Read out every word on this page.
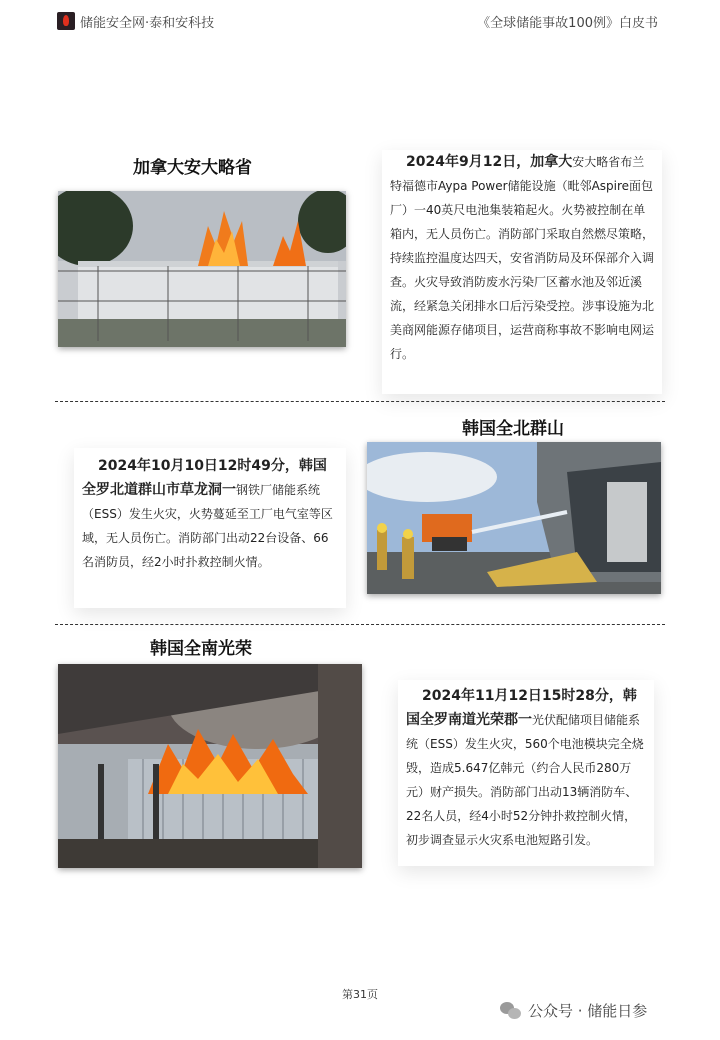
储能安全网·泰和安科技	《全球储能事故100例》白皮书
加拿大安大略省	2024年9月12日，加拿大安大略省布兰特福德市Aypa Power储能设施（毗邻Aspire面包厂）一40英尺电池集装箱起火。火势被控制在单箱内，无人员伤亡。消防部门采取自然燃尽策略，持续监控温度达四天，安省消防局及环保部介入调查。火灾导致消防废水污染厂区蓄水池及邻近溪流，经紧急关闭排水口后污染受控。涉事设施为北美商网能源存储项目，运营商称事故不影响电网运行。
韩国全北群山
2024年10月10日12时49分，韩国全罗北道群山市草龙洞一钢铁厂储能系统（ESS）发生火灾，火势蔓延至工厂电气室等区域，无人员伤亡。消防部门出动22台设备、66名消防员，经2小时扑救控制火情。
韩国全南光荣
2024年11月12日15时28分，韩国全罗南道光荣郡一光伏配储项目储能系统（ESS）发生火灾，560个电池模块完全烧毁，造成5.647亿韩元（约合人民币280万元）财产损失。消防部门出动13辆消防车、22名人员，经4小时52分钟扑救控制火情，初步调查显示火灾系电池短路引发。
第31页
公众号 · 储能日参
